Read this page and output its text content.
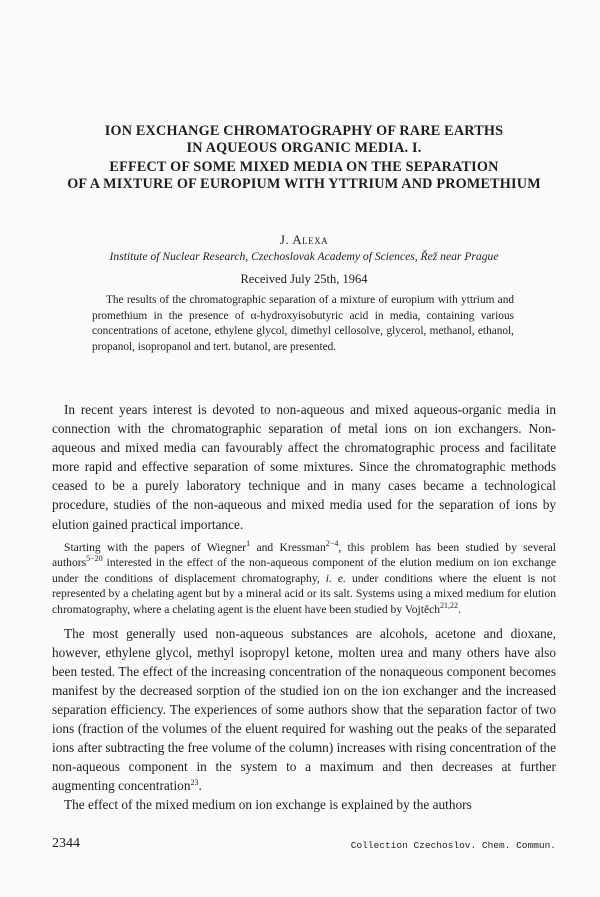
ION EXCHANGE CHROMATOGRAPHY OF RARE EARTHS
IN AQUEOUS ORGANIC MEDIA. I.
EFFECT OF SOME MIXED MEDIA ON THE SEPARATION
OF A MIXTURE OF EUROPIUM WITH YTTRIUM AND PROMETHIUM
J. Alexa
Institute of Nuclear Research, Czechoslovak Academy of Sciences, Řež near Prague
Received July 25th, 1964
The results of the chromatographic separation of a mixture of europium with yttrium and promethium in the presence of α-hydroxyisobutyric acid in media, containing various concentrations of acetone, ethylene glycol, dimethyl cellosolve, glycerol, methanol, ethanol, propanol, isopropanol and tert. butanol, are presented.

In recent years interest is devoted to non-aqueous and mixed aqueous-organic media in connection with the chromatographic separation of metal ions on ion exchangers. Non-aqueous and mixed media can favourably affect the chromatographic process and facilitate more rapid and effective separation of some mixtures. Since the chromatographic methods ceased to be a purely laboratory technique and in many cases became a technological procedure, studies of the non-aqueous and mixed media used for the separation of ions by elution gained practical importance.

Starting with the papers of Wiegner$^1$ and Kressman$^{2-4}$, this problem has been studied by several authors$^{5-20}$ interested in the effect of the non-aqueous component of the elution medium on ion exchange under the conditions of displacement chromatography, i. e. under conditions where the eluent is not represented by a chelating agent but by a mineral acid or its salt. Systems using a mixed medium for elution chromatography, where a chelating agent is the eluent have been studied by Vojtěch$^{21,22}$.

The most generally used non-aqueous substances are alcohols, acetone and dioxane, however, ethylene glycol, methyl isopropyl ketone, molten urea and many others have also been tested. The effect of the increasing concentration of the nonaqueous component becomes manifest by the decreased sorption of the studied ion on the ion exchanger and the increased separation efficiency. The experiences of some authors show that the separation factor of two ions (fraction of the volumes of the eluent required for washing out the peaks of the separated ions after subtracting the free volume of the column) increases with rising concentration of the non-aqueous component in the system to a maximum and then decreases at further augmenting concentration$^{23}$.

The effect of the mixed medium on ion exchange is explained by the authors

2344	Collection Czechoslov. Chem. Commun.
